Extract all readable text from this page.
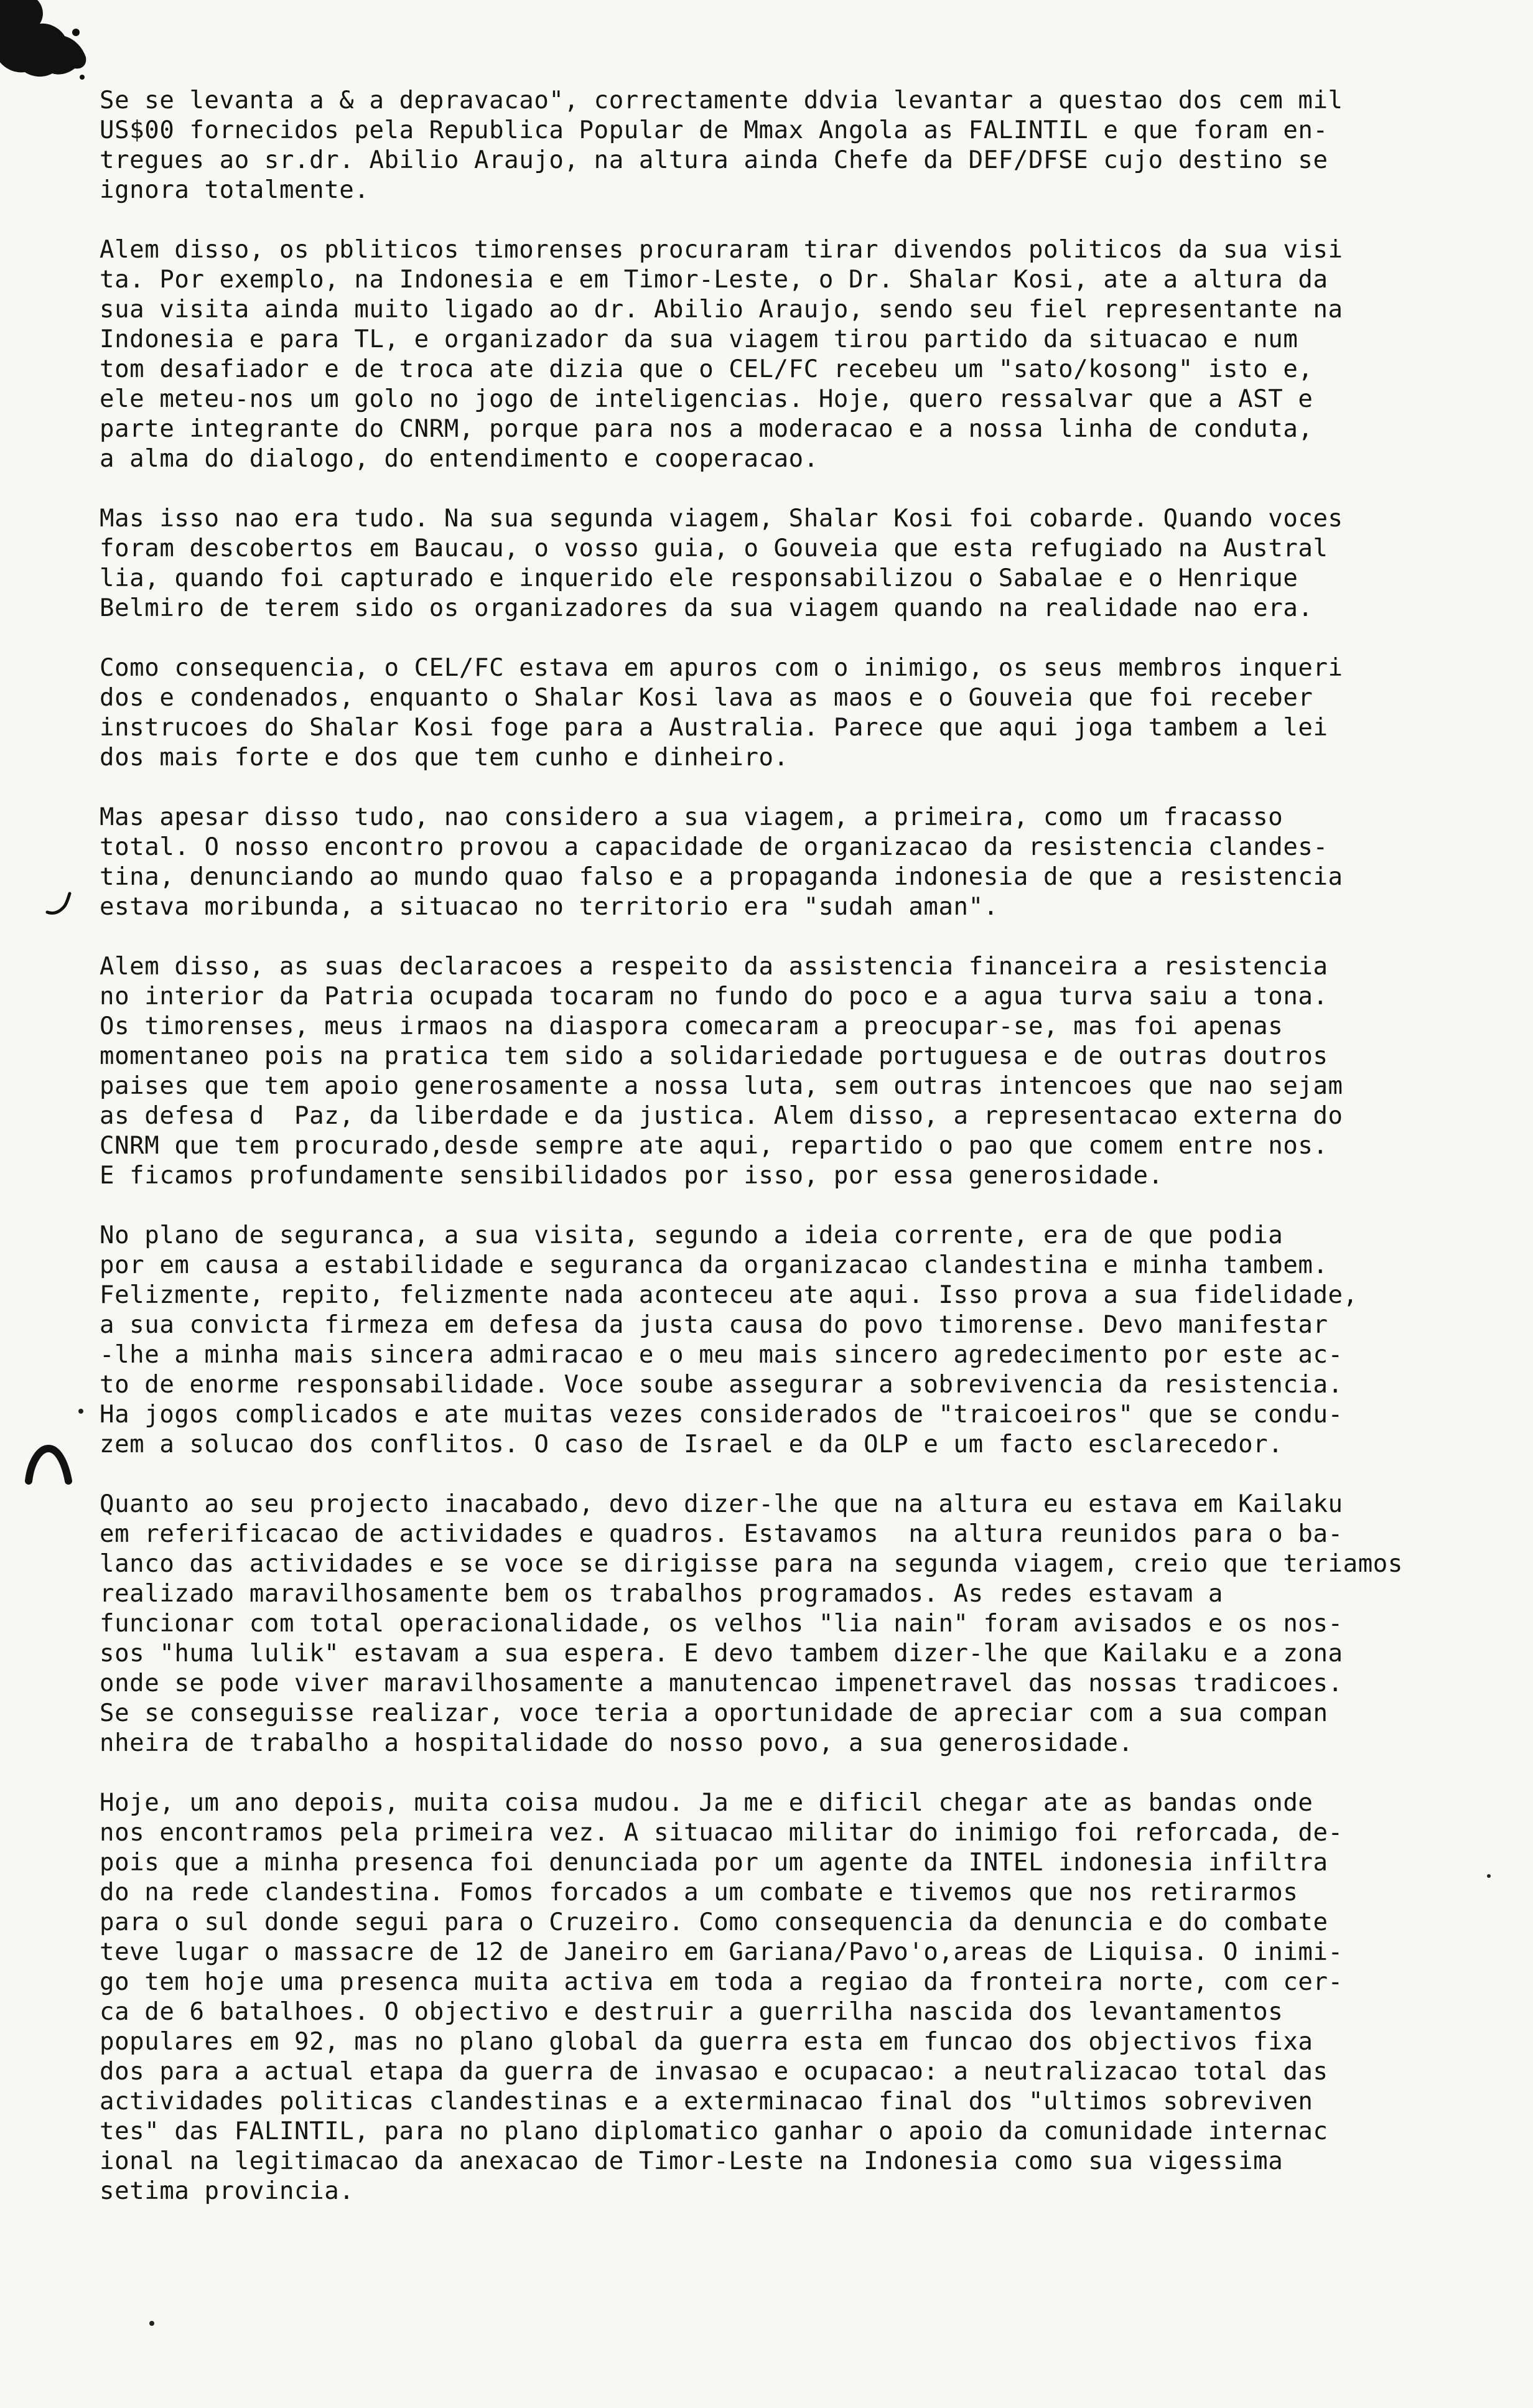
Se se levanta a & a depravacao", correctamente ddvia levantar a questao dos cem mil
US$00 fornecidos pela Republica Popular de Mmax Angola as FALINTIL e que foram en-
tregues ao sr.dr. Abilio Araujo, na altura ainda Chefe da DEF/DFSE cujo destino se
ignora totalmente.
Alem disso, os pbliticos timorenses procuraram tirar divendos politicos da sua visi
ta. Por exemplo, na Indonesia e em Timor-Leste, o Dr. Shalar Kosi, ate a altura da
sua visita ainda muito ligado ao dr. Abilio Araujo, sendo seu fiel representante na
Indonesia e para TL, e organizador da sua viagem tirou partido da situacao e num
tom desafiador e de troca ate dizia que o CEL/FC recebeu um "sato/kosong" isto e,
ele meteu-nos um golo no jogo de inteligencias. Hoje, quero ressalvar que a AST e
parte integrante do CNRM, porque para nos a moderacao e a nossa linha de conduta,
a alma do dialogo, do entendimento e cooperacao.
Mas isso nao era tudo. Na sua segunda viagem, Shalar Kosi foi cobarde. Quando voces
foram descobertos em Baucau, o vosso guia, o Gouveia que esta refugiado na Austral
lia, quando foi capturado e inquerido ele responsabilizou o Sabalae e o Henrique
Belmiro de terem sido os organizadores da sua viagem quando na realidade nao era.
Como consequencia, o CEL/FC estava em apuros com o inimigo, os seus membros inqueri
dos e condenados, enquanto o Shalar Kosi lava as maos e o Gouveia que foi receber
instrucoes do Shalar Kosi foge para a Australia. Parece que aqui joga tambem a lei
dos mais forte e dos que tem cunho e dinheiro.
Mas apesar disso tudo, nao considero a sua viagem, a primeira, como um fracasso
total. O nosso encontro provou a capacidade de organizacao da resistencia clandes-
tina, denunciando ao mundo quao falso e a propaganda indonesia de que a resistencia
estava moribunda, a situacao no territorio era "sudah aman".
Alem disso, as suas declaracoes a respeito da assistencia financeira a resistencia
no interior da Patria ocupada tocaram no fundo do poco e a agua turva saiu a tona.
Os timorenses, meus irmaos na diaspora comecaram a preocupar-se, mas foi apenas
momentaneo pois na pratica tem sido a solidariedade portuguesa e de outras doutros
paises que tem apoio generosamente a nossa luta, sem outras intencoes que nao sejam
as defesa d  Paz, da liberdade e da justica. Alem disso, a representacao externa do
CNRM que tem procurado,desde sempre ate aqui, repartido o pao que comem entre nos.
E ficamos profundamente sensibilidados por isso, por essa generosidade.
No plano de seguranca, a sua visita, segundo a ideia corrente, era de que podia
por em causa a estabilidade e seguranca da organizacao clandestina e minha tambem.
Felizmente, repito, felizmente nada aconteceu ate aqui. Isso prova a sua fidelidade,
a sua convicta firmeza em defesa da justa causa do povo timorense. Devo manifestar
-lhe a minha mais sincera admiracao e o meu mais sincero agredecimento por este ac-
to de enorme responsabilidade. Voce soube assegurar a sobrevivencia da resistencia.
Ha jogos complicados e ate muitas vezes considerados de "traicoeiros" que se condu-
zem a solucao dos conflitos. O caso de Israel e da OLP e um facto esclarecedor.
Quanto ao seu projecto inacabado, devo dizer-lhe que na altura eu estava em Kailaku
em referificacao de actividades e quadros. Estavamos  na altura reunidos para o ba-
lanco das actividades e se voce se dirigisse para na segunda viagem, creio que teriamos
realizado maravilhosamente bem os trabalhos programados. As redes estavam a
funcionar com total operacionalidade, os velhos "lia nain" foram avisados e os nos-
sos "huma lulik" estavam a sua espera. E devo tambem dizer-lhe que Kailaku e a zona
onde se pode viver maravilhosamente a manutencao impenetravel das nossas tradicoes.
Se se conseguisse realizar, voce teria a oportunidade de apreciar com a sua compan
nheira de trabalho a hospitalidade do nosso povo, a sua generosidade.
Hoje, um ano depois, muita coisa mudou. Ja me e dificil chegar ate as bandas onde
nos encontramos pela primeira vez. A situacao militar do inimigo foi reforcada, de-
pois que a minha presenca foi denunciada por um agente da INTEL indonesia infiltra
do na rede clandestina. Fomos forcados a um combate e tivemos que nos retirarmos
para o sul donde segui para o Cruzeiro. Como consequencia da denuncia e do combate
teve lugar o massacre de 12 de Janeiro em Gariana/Pavo'o,areas de Liquisa. O inimi-
go tem hoje uma presenca muita activa em toda a regiao da fronteira norte, com cer-
ca de 6 batalhoes. O objectivo e destruir a guerrilha nascida dos levantamentos
populares em 92, mas no plano global da guerra esta em funcao dos objectivos fixa
dos para a actual etapa da guerra de invasao e ocupacao: a neutralizacao total das
actividades politicas clandestinas e a exterminacao final dos "ultimos sobreviven
tes" das FALINTIL, para no plano diplomatico ganhar o apoio da comunidade internac
ional na legitimacao da anexacao de Timor-Leste na Indonesia como sua vigessima
setima provincia.
